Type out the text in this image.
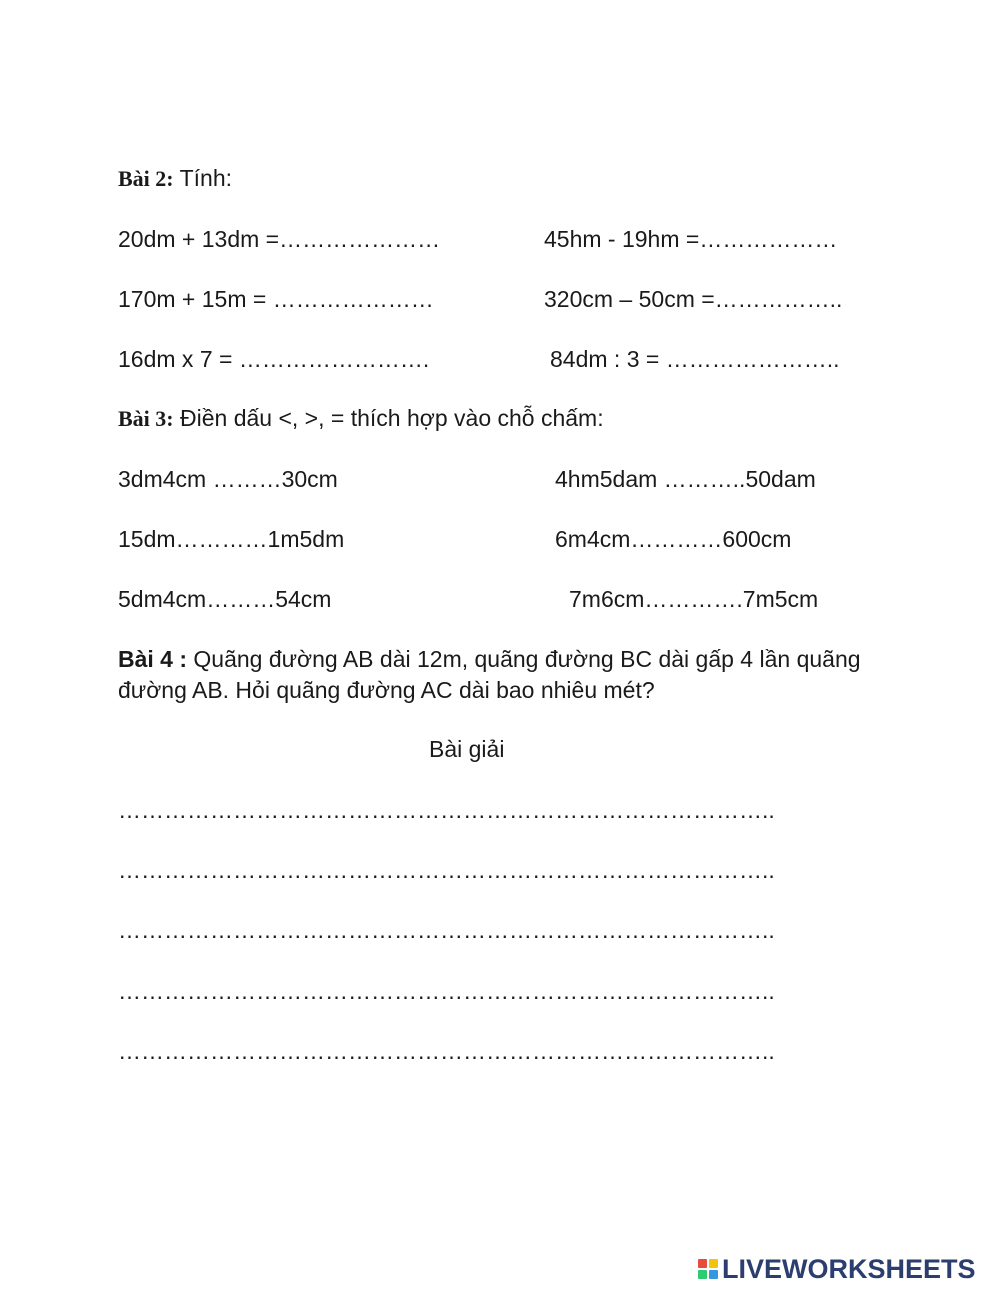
Bài 2: Tính:
20dm + 13dm =…………………	45hm - 19hm =………………
170m + 15m = …………………	320cm – 50cm =……………..
16dm x 7 = …………………….	84dm : 3 = …………………..
Bài 3: Điền dấu <, >, = thích hợp vào chỗ chấm:
3dm4cm ………30cm	4hm5dam ………..50dam
15dm…………1m5dm	6m4cm…………600cm
5dm4cm………54cm	7m6cm………….7m5cm
Bài 4 : Quãng đường AB dài 12m, quãng đường BC dài gấp 4 lần quãng đường AB. Hỏi quãng đường AC dài bao nhiêu mét?
Bài giải
…………………………………………………………………………..
…………………………………………………………………………..
…………………………………………………………………………..
…………………………………………………………………………..
…………………………………………………………………………..
LIVEWORKSHEETS
